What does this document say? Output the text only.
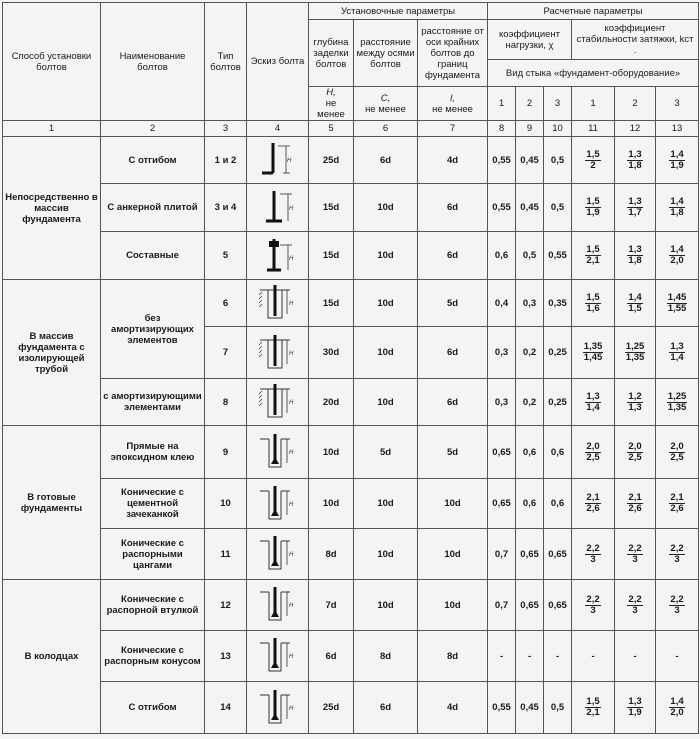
Способ установки болтов	Наименование болтов	Тип болтов	Эскиз болта	Установочные параметры			Расчетные параметры					
				глубина заделки болтов	расстояние между осями болтов	расстояние от оси крайних болтов до границ фундамента	коэффициент нагрузки, χ			коэффициент стабильности затяжки, kст .		
							Вид стыка «фундамент-оборудование»					
				H,
не менее	C,
не менее	l,
не менее	1	2	3	1	2	3

1	2	3	4	5	6	7	8	9	10	11	12	13
Непосредственно в массив фундамента	С отгибом	1 и 2	H	25d	6d	4d	0,55	0,45	0,5	$\frac{1,5}{2}$	$\frac{1,3}{1,8}$	$\frac{1,4}{1,9}$

	С анкерной плитой	3 и 4	H	15d	10d	6d	0,55	0,45	0,5	$\frac{1,5}{1,9}$	$\frac{1,3}{1,7}$	$\frac{1,4}{1,8}$

	Составные	5	H	15d	10d	6d	0,6	0,5	0,55	$\frac{1,5}{2,1}$	$\frac{1,3}{1,8}$	$\frac{1,4}{2,0}$

В массив фундамента с изолирующей трубой	без амортизирующих элементов	6	H	15d	10d	5d	0,4	0,3	0,35	$\frac{1,5}{1,6}$	$\frac{1,4}{1,5}$	$\frac{1,45}{1,55}$

		7	H	30d	10d	6d	0,3	0,2	0,25	$\frac{1,35}{1,45}$	$\frac{1,25}{1,35}$	$\frac{1,3}{1,4}$

	с амортизирующими элементами	8	H	20d	10d	6d	0,3	0,2	0,25	$\frac{1,3}{1,4}$	$\frac{1,2}{1,3}$	$\frac{1,25}{1,35}$

В готовые фундаменты	Прямые на эпоксидном клею	9	H	10d	5d	5d	0,65	0,6	0,6	$\frac{2,0}{2,5}$	$\frac{2,0}{2,5}$	$\frac{2,0}{2,5}$

	Конические с цементной зачеканкой	10	H	10d	10d	10d	0,65	0,6	0,6	$\frac{2,1}{2,6}$	$\frac{2,1}{2,6}$	$\frac{2,1}{2,6}$

	Конические с распорными цангами	11	H	8d	10d	10d	0,7	0,65	0,65	$\frac{2,2}{3}$	$\frac{2,2}{3}$	$\frac{2,2}{3}$

В колодцах	Конические с распорной втулкой	12	H	7d	10d	10d	0,7	0,65	0,65	$\frac{2,2}{3}$	$\frac{2,2}{3}$	$\frac{2,2}{3}$

	Конические с распорным конусом	13	H	6d	8d	8d	-	-	-	-	-	-
	С отгибом	14	H	25d	6d	4d	0,55	0,45	0,5	$\frac{1,5}{2,1}$	$\frac{1,3}{1,9}$	$\frac{1,4}{2,0}$
